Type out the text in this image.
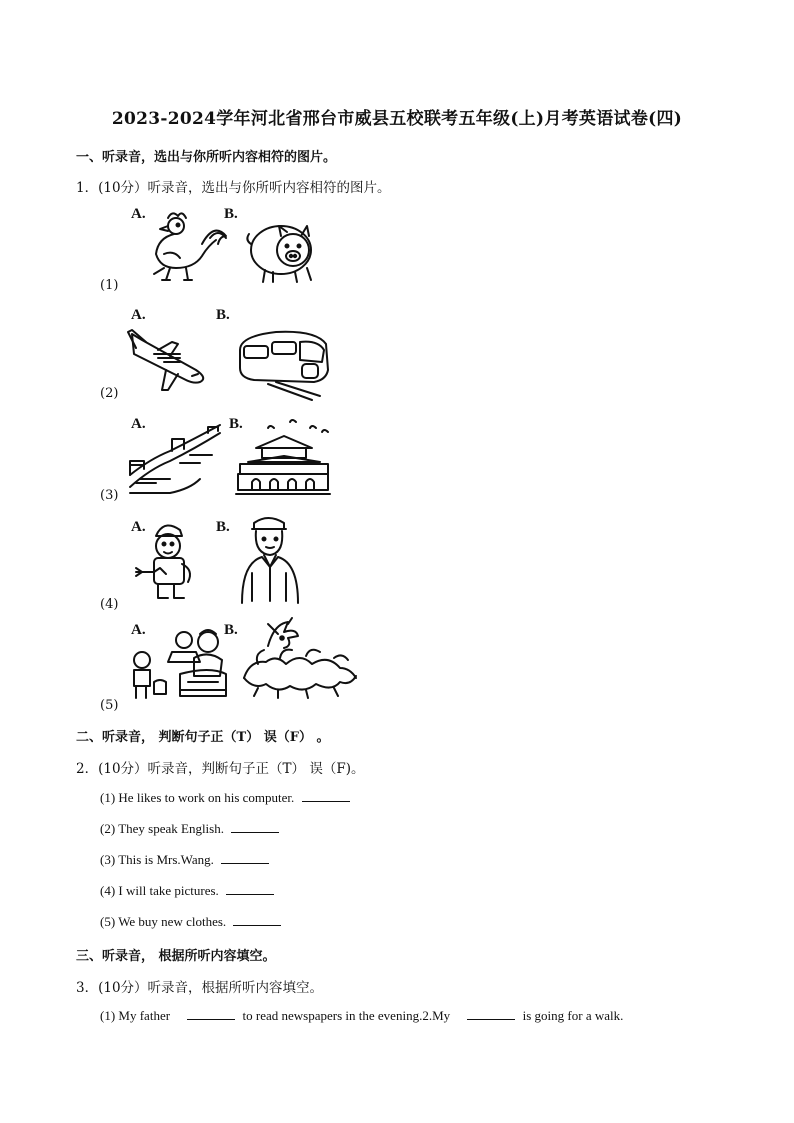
2023-2024学年河北省邢台市威县五校联考五年级(上)月考英语试卷(四)
一、听录音，选出与你所听内容相符的图片。
1．(10分）听录音，选出与你所听内容相符的图片。
A.	B.
(1)
A.	B.
(2)
A.	B.
(3)
A.	B.
(4)
A.	B.
(5)
二、听录音， 判断句子正（T） 误（F） 。
2．(10分）听录音，判断句子正（T） 误（F)。
(1) He likes to work on his computer.
(2) They speak English.
(3) This is Mrs.Wang.
(4) I will take pictures.
(5) We buy new clothes.
三、听录音， 根据所听内容填空。
3．(10分）听录音，根据所听内容填空。
(1) My father	to read newspapers in the evening.2.My	is going for a walk.
